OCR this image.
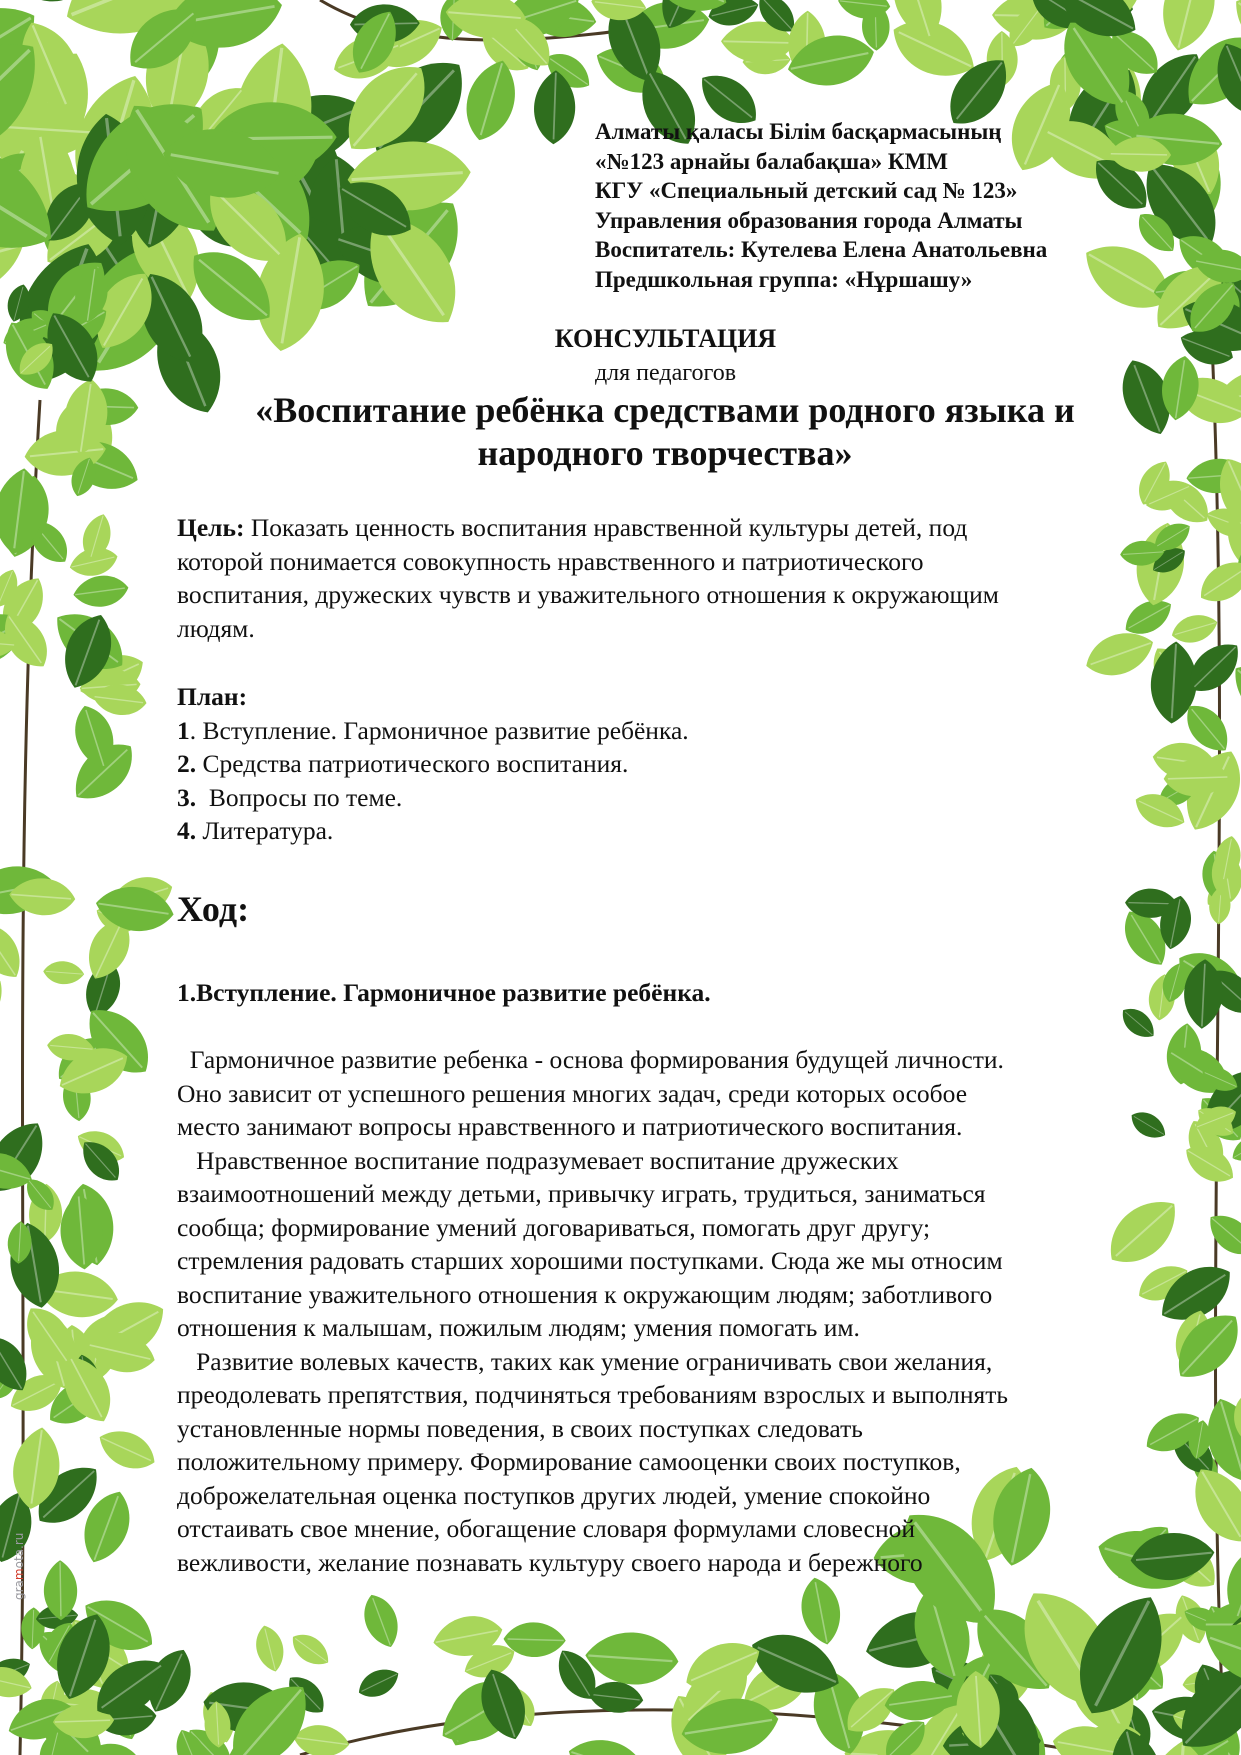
Алматы қаласы Білім басқармасының
«№123 арнайы балабақша» КММ
КГУ «Специальный детский сад № 123»
Управления образования города Алматы
Воспитатель: Кутелева Елена Анатольевна
Предшкольная группа: «Нұршашу»
КОНСУЛЬТАЦИЯ
для педагогов
«Воспитание ребёнка средствами родного языка и
народного творчества»
Цель: Показать ценность воспитания нравственной культуры детей, под
которой понимается совокупность нравственного и патриотического
воспитания, дружеских чувств и уважительного отношения к окружающим
людям.
План:
1. Вступление. Гармоничное развитие ребёнка.
2. Средства патриотического воспитания.
3.  Вопросы по теме.
4. Литература.
Ход:
1.Вступление. Гармоничное развитие ребёнка.
Гармоничное развитие ребенка - основа формирования будущей личности.
Оно зависит от успешного решения многих задач, среди которых особое
место занимают вопросы нравственного и патриотического воспитания.
Нравственное воспитание подразумевает воспитание дружеских
взаимоотношений между детьми, привычку играть, трудиться, заниматься
сообща; формирование умений договариваться, помогать друг другу;
стремления радовать старших хорошими поступками. Сюда же мы относим
воспитание уважительного отношения к окружающим людям; заботливого
отношения к малышам, пожилым людям; умения помогать им.
Развитие волевых качеств, таких как умение ограничивать свои желания,
преодолевать препятствия, подчиняться требованиям взрослых и выполнять
установленные нормы поведения, в своих поступках следовать
положительному примеру. Формирование самооценки своих поступков,
доброжелательная оценка поступков других людей, умение спокойно
отстаивать свое мнение, обогащение словаря формулами словесной
вежливости, желание познавать культуру своего народа и бережного
gramota.ru
